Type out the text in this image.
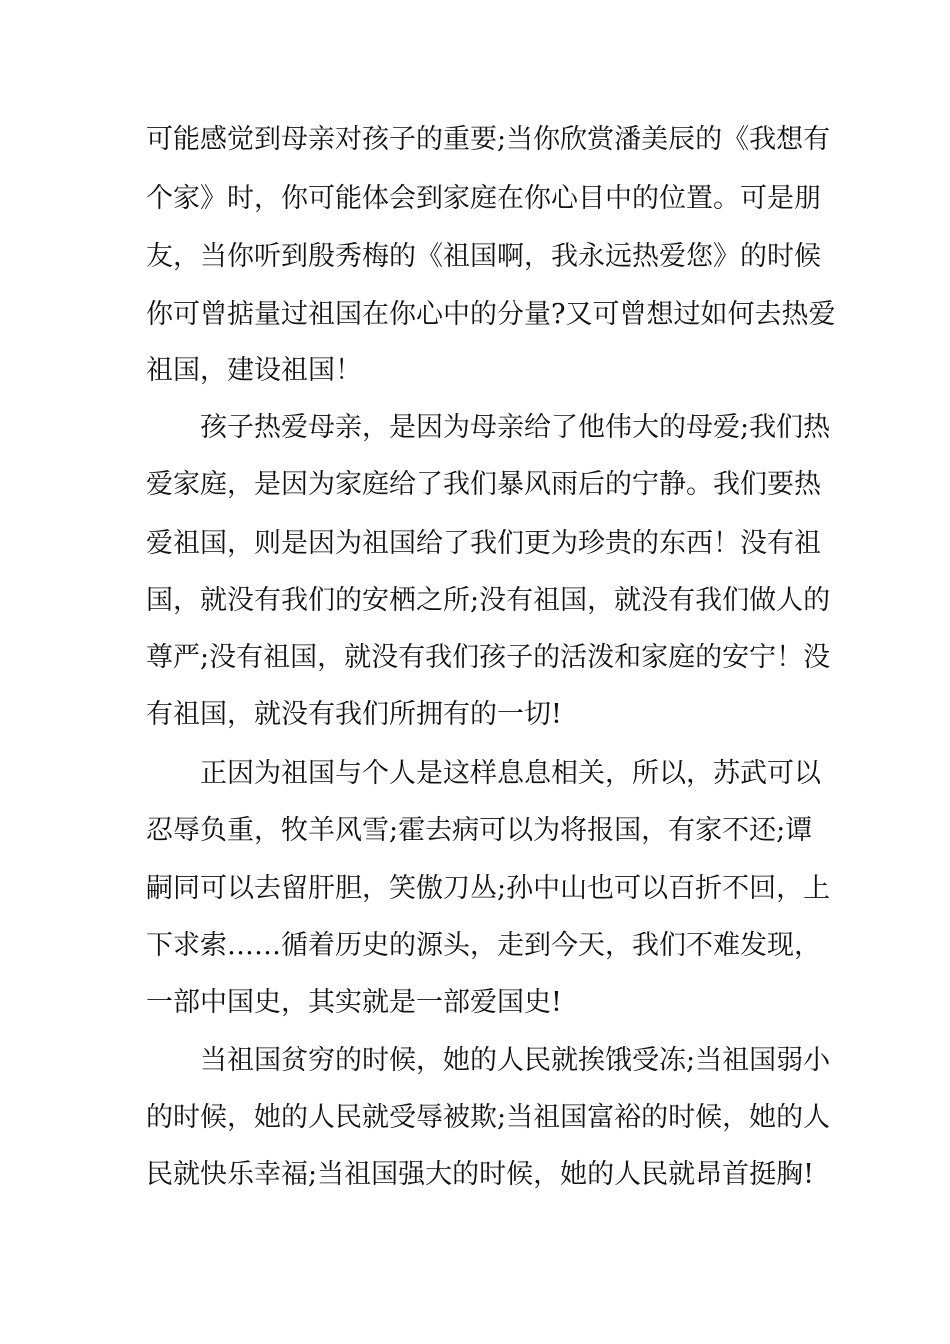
可能感觉到母亲对孩子的重要;当你欣赏潘美辰的《我想有
个家》时，你可能体会到家庭在你心目中的位置。可是朋
友，当你听到殷秀梅的《祖国啊，我永远热爱您》的时候
你可曾掂量过祖国在你心中的分量?又可曾想过如何去热爱
祖国，建设祖国！
孩子热爱母亲，是因为母亲给了他伟大的母爱;我们热
爱家庭，是因为家庭给了我们暴风雨后的宁静。我们要热
爱祖国，则是因为祖国给了我们更为珍贵的东西！没有祖
国，就没有我们的安栖之所;没有祖国，就没有我们做人的
尊严;没有祖国，就没有我们孩子的活泼和家庭的安宁！没
有祖国，就没有我们所拥有的一切!
正因为祖国与个人是这样息息相关，所以，苏武可以
忍辱负重，牧羊风雪;霍去病可以为将报国，有家不还;谭
嗣同可以去留肝胆，笑傲刀丛;孙中山也可以百折不回，上
下求索……循着历史的源头，走到今天，我们不难发现，
一部中国史，其实就是一部爱国史!
当祖国贫穷的时候，她的人民就挨饿受冻;当祖国弱小
的时候，她的人民就受辱被欺;当祖国富裕的时候，她的人
民就快乐幸福;当祖国强大的时候，她的人民就昂首挺胸!
